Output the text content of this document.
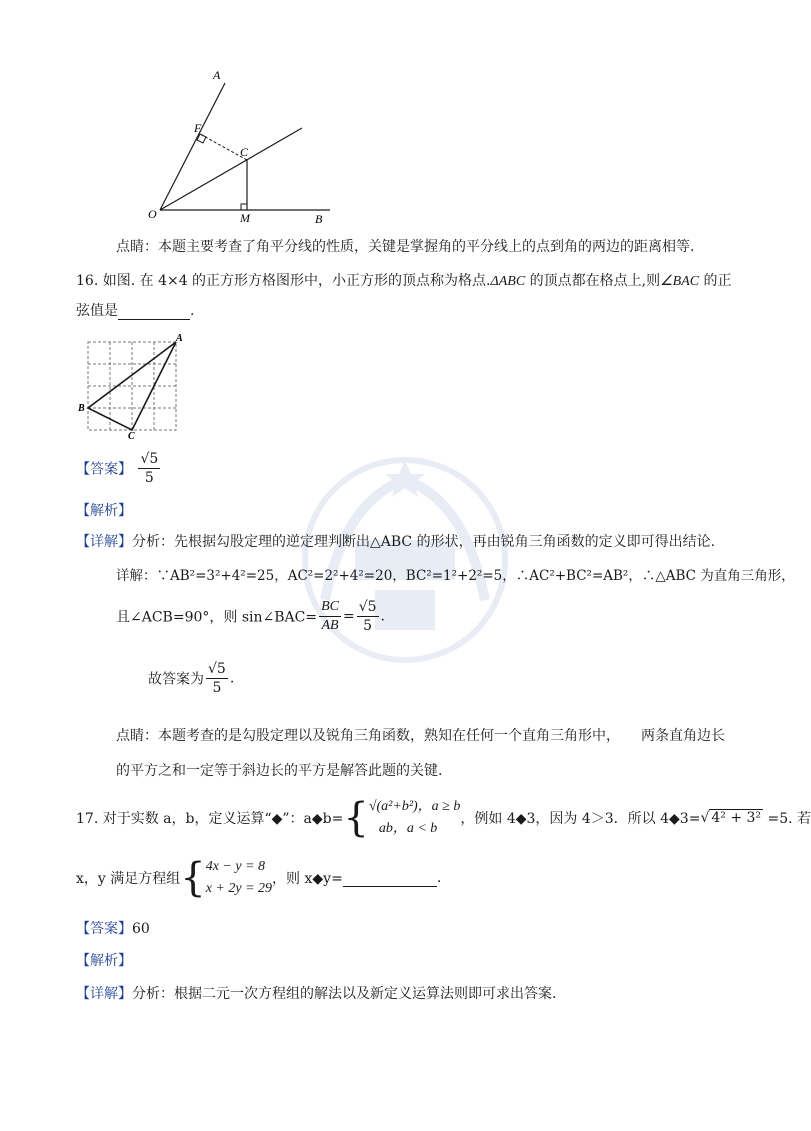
A
F
C
O	M	B
点睛：本题主要考查了角平分线的性质，关键是掌握角的平分线上的点到角的两边的距离相等.
16. 如图. 在 4×4 的正方形方格图形中，小正方形的顶点称为格点.ΔABC 的顶点都在格点上,则∠BAC 的正
弦值是	.
A
B
C
【答案】 $\frac{√5}{5}$
【解析】
【详解】分析：先根据勾股定理的逆定理判断出△ABC 的形状，再由锐角三角函数的定义即可得出结论.
详解：∵AB²=3²+4²=25，AC²=2²+4²=20，BC²=1²+2²=5，∴AC²+BC²=AB²，∴△ABC 为直角三角形，
且∠ACB=90°，则 sin∠BAC= $\frac{BC}{AB} = \frac{√5}{5}$ .
故答案为 $\frac{√5}{5}$ .
点睛：本题考查的是勾股定理以及锐角三角函数，熟知在任何一个直角三角形中，　　两条直角边长
的平方之和一定等于斜边长的平方是解答此题的关键.
17. 对于实数 a，b，定义运算“◆”：a◆b={ √(a²+b²)，a ≥ b
ab，a < b
，例如 4◆3，因为 4＞3．所以 4◆3=√ 4² + 3² =5. 若
x，y 满足方程组{ 4x − y = 8
x + 2y = 29
，则 x◆y=	.
【答案】60
【解析】
【详解】分析：根据二元一次方程组的解法以及新定义运算法则即可求出答案.
